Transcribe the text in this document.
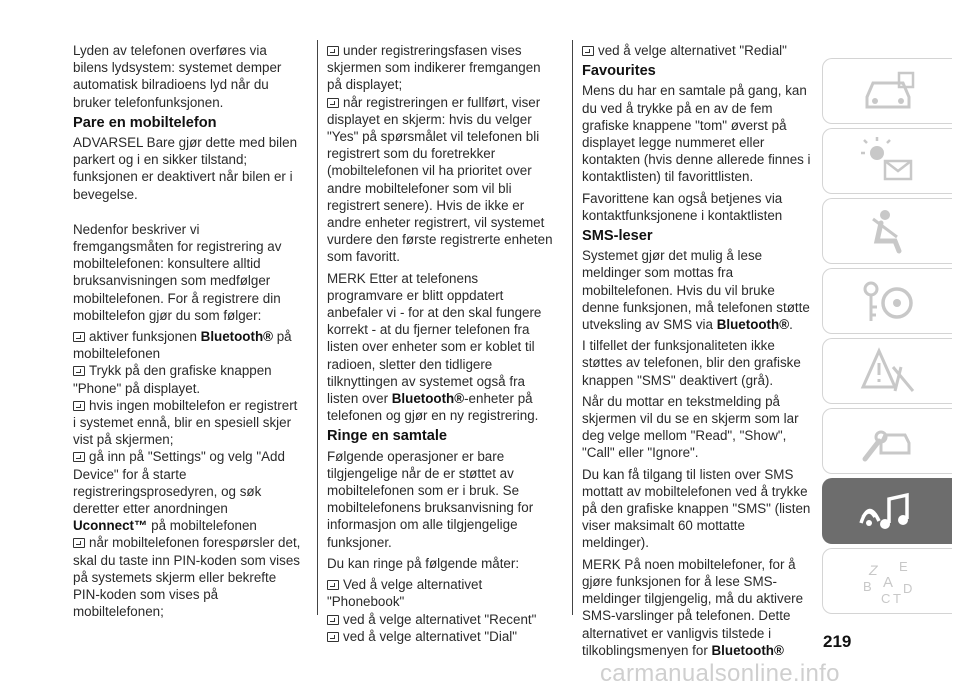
Lyden av telefonen overføres via bilens lydsystem: systemet demper automatisk bilradioens lyd når du bruker telefonfunksjonen.

Pare en mobiltelefon

ADVARSEL Bare gjør dette med bilen parkert og i en sikker tilstand; funksjonen er deaktivert når bilen er i bevegelse.

Nedenfor beskriver vi fremgangsmåten for registrering av mobiltelefonen: konsultere alltid bruksanvisningen som medfølger mobiltelefonen. For å registrere din mobiltelefon gjør du som følger:

aktiver funksjonen Bluetooth® på mobiltelefonen

Trykk på den grafiske knappen "Phone" på displayet.

hvis ingen mobiltelefon er registrert i systemet ennå, blir en spesiell skjer vist på skjermen;

gå inn på "Settings" og velg "Add Device" for å starte registreringsprosedyren, og søk deretter etter anordningen
Uconnect™ på mobiltelefonen

når mobiltelefonen forespørsler det, skal du taste inn PIN-koden som vises på systemets skjerm eller bekrefte PIN-koden som vises på mobiltelefonen;

under registreringsfasen vises skjermen som indikerer fremgangen på displayet;

når registreringen er fullført, viser displayet en skjerm: hvis du velger "Yes" på spørsmålet vil telefonen bli registrert som du foretrekker (mobiltelefonen vil ha prioritet over andre mobiltelefoner som vil bli registrert senere). Hvis de ikke er andre enheter registrert, vil systemet vurdere den første registrerte enheten som favoritt.

MERK Etter at telefonens programvare er blitt oppdatert anbefaler vi - for at den skal fungere korrekt - at du fjerner telefonen fra listen over enheter som er koblet til radioen, sletter den tidligere tilknyttingen av systemet også fra listen over Bluetooth®-enheter på telefonen og gjør en ny registrering.

Ringe en samtale

Følgende operasjoner er bare tilgjengelige når de er støttet av mobiltelefonen som er i bruk. Se mobiltelefonens bruksanvisning for informasjon om alle tilgjengelige funksjoner.

Du kan ringe på følgende måter:

Ved å velge alternativet "Phonebook"

ved å velge alternativet "Recent"

ved å velge alternativet "Dial"

ved å velge alternativet "Redial"

Favourites

Mens du har en samtale på gang, kan du ved å trykke på en av de fem grafiske knappene "tom" øverst på displayet legge nummeret eller kontakten (hvis denne allerede finnes i kontaktlisten) til favorittlisten.

Favorittene kan også betjenes via kontaktfunksjonene i kontaktlisten

SMS-leser

Systemet gjør det mulig å lese meldinger som mottas fra mobiltelefonen. Hvis du vil bruke denne funksjonen, må telefonen støtte utveksling av SMS via Bluetooth®.

I tilfellet der funksjonaliteten ikke støttes av telefonen, blir den grafiske knappen "SMS" deaktivert (grå).

Når du mottar en tekstmelding på skjermen vil du se en skjerm som lar deg velge mellom "Read", "Show", "Call" eller "Ignore".

Du kan få tilgang til listen over SMS mottatt av mobiltelefonen ved å trykke på den grafiske knappen "SMS" (listen viser maksimalt 60 mottatte meldinger).

MERK På noen mobiltelefoner, for å gjøre funksjonen for å lese SMS-meldinger tilgjengelig, må du aktivere SMS-varslinger på telefonen. Dette alternativet er vanligvis tilstede i tilkoblingsmenyen for Bluetooth®

Z E
B A
C T
D
219
carmanualsonline.info
